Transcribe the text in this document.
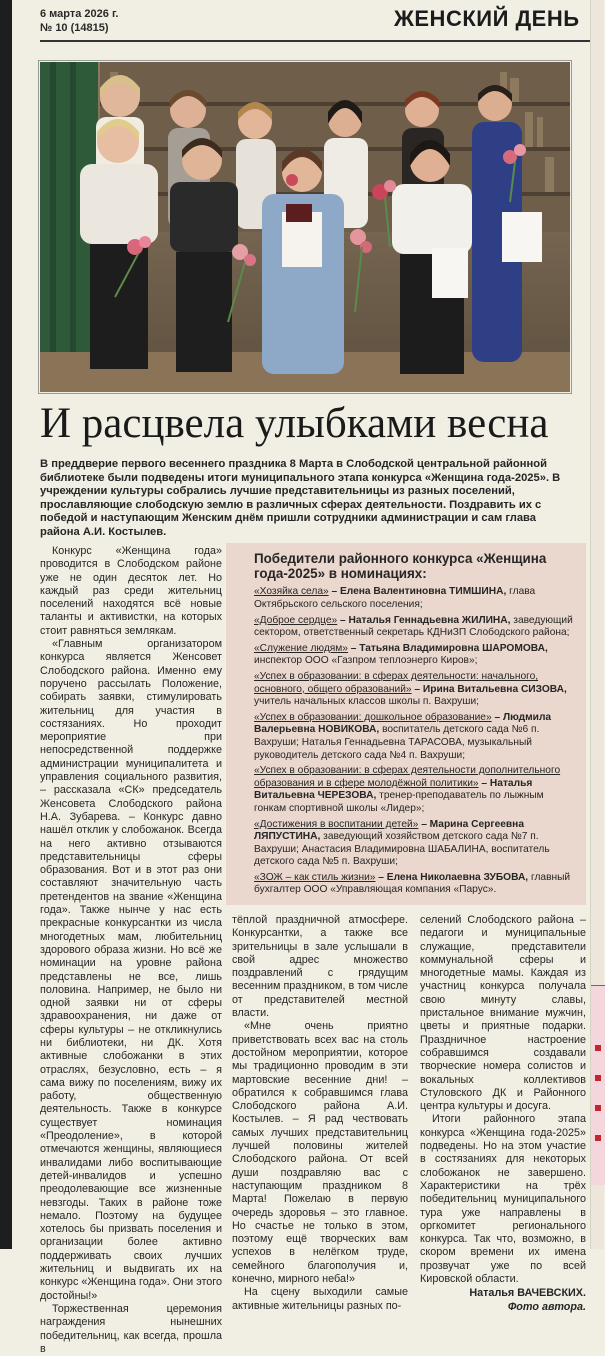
6 марта 2026 г.
№ 10 (14815)	ЖЕНСКИЙ ДЕНЬ
И расцвела улыбками весна
В преддверие первого весеннего праздника 8 Марта в Слободской центральной районной библиотеке были подведены итоги муниципального этапа конкурса «Женщина года-2025». В учреждении культуры собрались лучшие представительницы из разных поселений, прославляющие слободскую землю в различных сферах деятельности. Поздравить их с победой и наступающим Женским днём пришли сотрудники администрации и сам глава района А.И. Костылев.

Конкурс «Женщина года» проводится в Слободском районе уже не один десяток лет. Но каждый раз среди жительниц поселений находятся всё новые таланты и активистки, на которых стоит равняться землякам.

«Главным организатором конкурса является Женсовет Слободского района. Именно ему поручено рассылать Положение, собирать заявки, стимулировать жительниц для участия в состязаниях. Но проходит мероприятие при непосредственной поддержке администрации муниципалитета и управления социального развития, – рассказала «СК» председатель Женсовета Слободского района Н.А. Зубарева. – Конкурс давно нашёл отклик у слобожанок. Всегда на него активно отзываются представительницы сферы образования. Вот и в этот раз они составляют значительную часть претендентов на звание «Женщина года». Также нынче у нас есть прекрасные конкурсантки из числа многодетных мам, любительниц здорового образа жизни. Но всё же номинации на уровне района представлены не все, лишь половина. Например, не было ни одной заявки ни от сферы здравоохранения, ни даже от сферы культуры – не откликнулись ни библиотеки, ни ДК. Хотя активные слобожанки в этих отраслях, безусловно, есть – я сама вижу по поселениям, вижу их работу, общественную деятельность. Также в конкурсе существует номинация «Преодоление», в которой отмечаются женщины, являющиеся инвалидами либо воспитывающие детей-инвалидов и успешно преодолевающие все жизненные невзгоды. Таких в районе тоже немало. Поэтому на будущее хотелось бы призвать поселения и организации более активно поддерживать своих лучших жительниц и выдвигать их на конкурс «Женщина года». Они этого достойны!»

Торжественная церемония награждения нынешних победительниц, как всегда, прошла в

Победители районного конкурса «Женщина года-2025» в номинациях:
«Хозяйка села» – Елена Валентиновна ТИМШИНА, глава Октябрьского сельского поселения;
«Доброе сердце» – Наталья Геннадьевна ЖИЛИНА, заведующий сектором, ответственный секретарь КДНиЗП Слободского района;
«Служение людям» – Татьяна Владимировна ШАРОМОВА, инспектор ООО «Газпром теплоэнерго Киров»;
«Успех в образовании: в сферах деятельности: начального, основного, общего образований» – Ирина Витальевна СИЗОВА, учитель начальных классов школы п. Вахруши;
«Успех в образовании: дошкольное образование» – Людмила Валерьевна НОВИКОВА, воспитатель детского сада №6 п. Вахруши; Наталья Геннадьевна ТАРАСОВА, музыкальный руководитель детского сада №4 п. Вахруши;
«Успех в образовании: в сферах деятельности дополнительного образования и в сфере молодёжной политики» – Наталья Витальевна ЧЕРЕЗОВА, тренер-преподаватель по лыжным гонкам спортивной школы «Лидер»;
«Достижения в воспитании детей» – Марина Сергеевна ЛЯПУСТИНА, заведующий хозяйством детского сада №7 п. Вахруши; Анастасия Владимировна ШАБАЛИНА, воспитатель детского сада №5 п. Вахруши;
«ЗОЖ – как стиль жизни» – Елена Николаевна ЗУБОВА, главный бухгалтер ООО «Управляющая компания «Парус».

тёплой праздничной атмосфере. Конкурсантки, а также все зрительницы в зале услышали в свой адрес множество поздравлений с грядущим весенним праздником, в том числе от представителей местной власти.

«Мне очень приятно приветствовать всех вас на столь достойном мероприятии, которое мы традиционно проводим в эти мартовские весенние дни! – обратился к собравшимся глава Слободского района А.И. Костылев. – Я рад чествовать самых лучших представительниц лучшей половины жителей Слободского района. От всей души поздравляю вас с наступающим праздником 8 Марта! Пожелаю в первую очередь здоровья – это главное. Но счастье не только в этом, поэтому ещё творческих вам успехов в нелёгком труде, семейного благополучия и, конечно, мирного неба!»

На сцену выходили самые активные жительницы разных по-

селений Слободского района – педагоги и муниципальные служащие, представители коммунальной сферы и многодетные мамы. Каждая из участниц конкурса получала свою минуту славы, пристальное внимание мужчин, цветы и приятные подарки. Праздничное настроение собравшимся создавали творческие номера солистов и вокальных коллективов Стуловского ДК и Районного центра культуры и досуга.

Итоги районного этапа конкурса «Женщина года-2025» подведены. Но на этом участие в состязаниях для некоторых слобожанок не завершено. Характеристики на трёх победительниц муниципального тура уже направлены в оргкомитет регионального конкурса. Так что, возможно, в скором времени их имена прозвучат уже по всей Кировской области.

Наталья ВАЧЕВСКИХ.
Фото автора.
